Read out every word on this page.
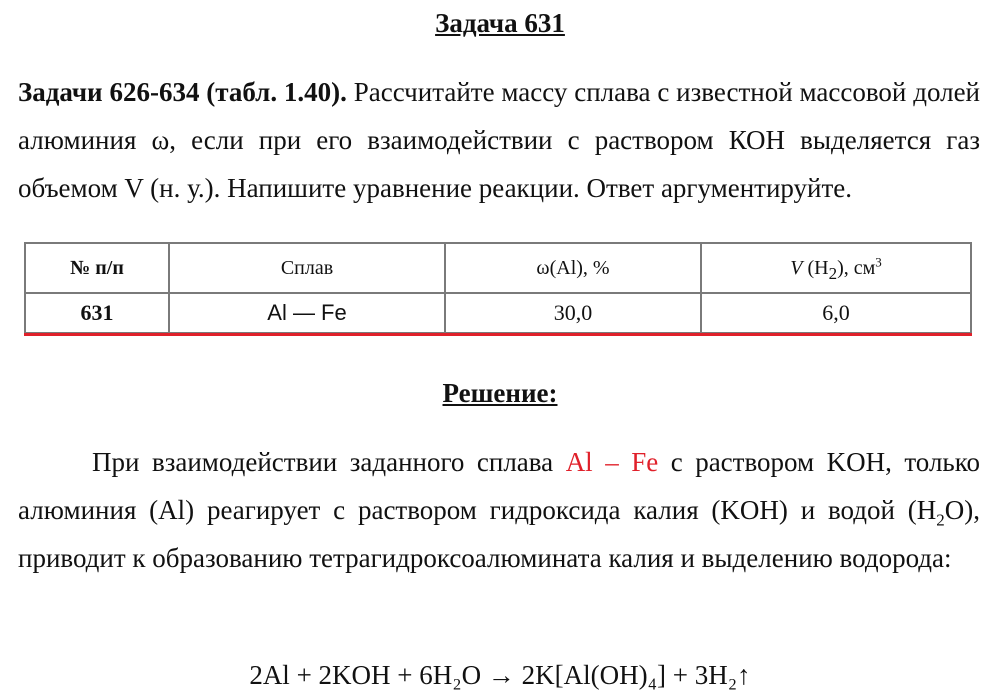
Задача 631
Задачи 626-634 (табл. 1.40). Рассчитайте массу сплава с известной массовой долей алюминия ω, если при его взаимодействии с раствором КОН выделяется газ объемом V (н. у.). Напишите уравнение реакции. Ответ аргументируйте.
№ п/п	Сплав	ω(Al), %	V $(H_2)$, $см^3$
631	Al — Fe	30,0	6,0
Решение:
При взаимодействии заданного сплава Al – Fe с раствором KOH, только алюминия (Al) реагирует с раствором гидроксида калия (KOH) и водой $(H_2O)$, приводит к образованию тетрагидроксоалюмината калия и выделению водорода:
2Al + 2KOH + 6H₂O → 2K[Al(OH)₄] + 3H₂↑
